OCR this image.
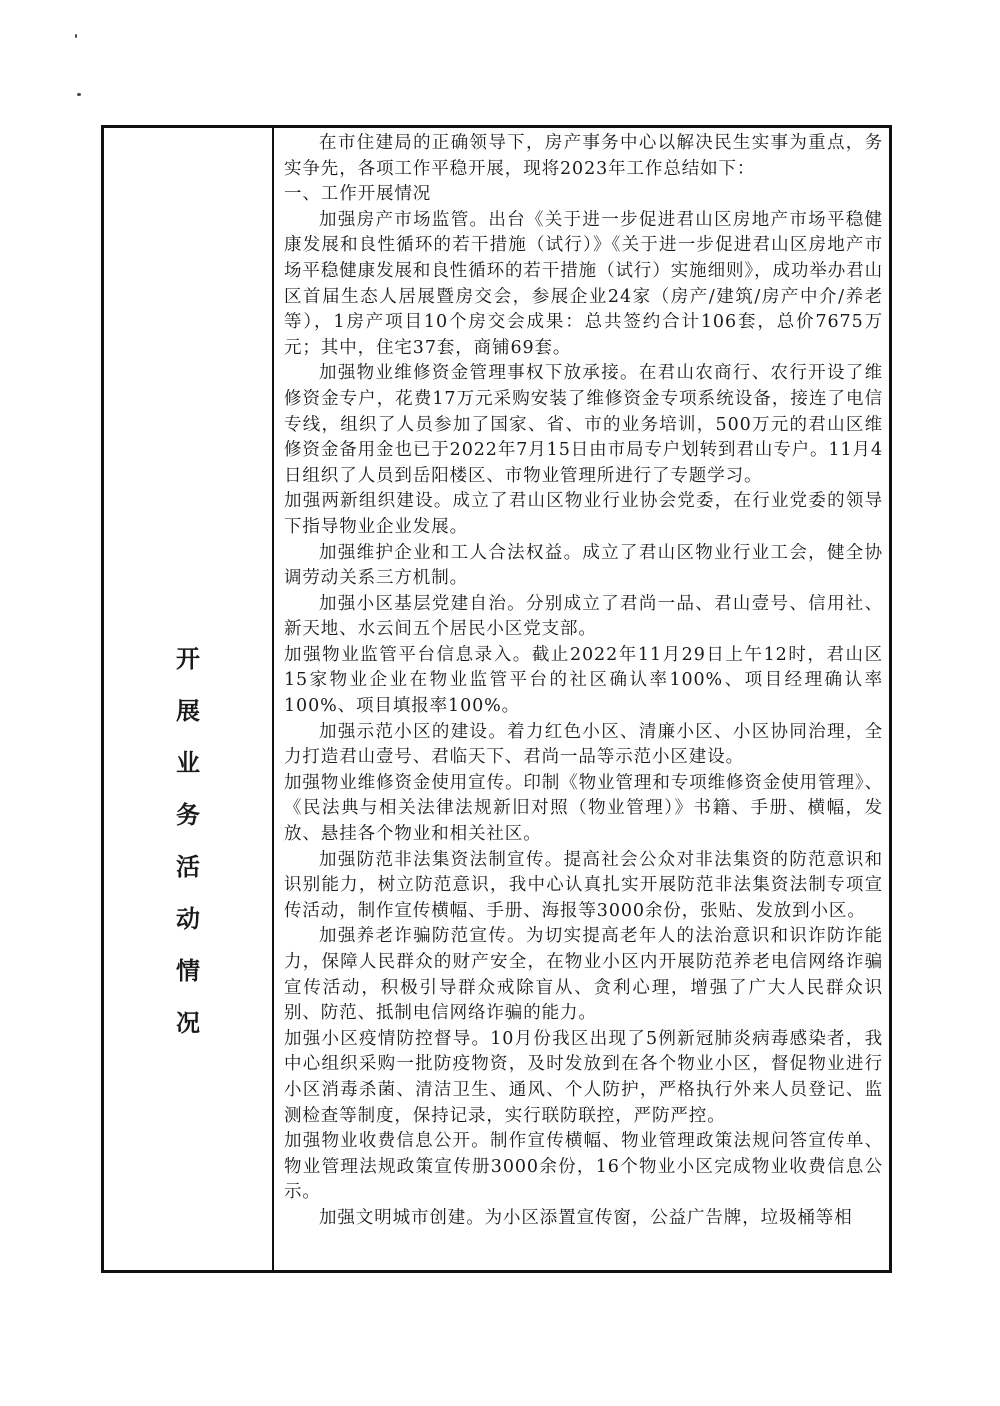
开
展
业
务
活
动
情
况

在市住建局的正确领导下，房产事务中心以解决民生实事为重点，务实争先，各项工作平稳开展，现将2023年工作总结如下：

一、工作开展情况

加强房产市场监管。出台《关于进一步促进君山区房地产市场平稳健康发展和良性循环的若干措施（试行）》《关于进一步促进君山区房地产市场平稳健康发展和良性循环的若干措施（试行）实施细则》，成功举办君山区首届生态人居展暨房交会，参展企业24家（房产/建筑/房产中介/养老等），1房产项目10个房交会成果：总共签约合计106套，总价7675万元；其中，住宅37套，商铺69套。

加强物业维修资金管理事权下放承接。在君山农商行、农行开设了维修资金专户，花费17万元采购安装了维修资金专项系统设备，接连了电信专线，组织了人员参加了国家、省、市的业务培训，500万元的君山区维修资金备用金也已于2022年7月15日由市局专户划转到君山专户。11月4日组织了人员到岳阳楼区、市物业管理所进行了专题学习。

加强两新组织建设。成立了君山区物业行业协会党委，在行业党委的领导下指导物业企业发展。

加强维护企业和工人合法权益。成立了君山区物业行业工会，健全协调劳动关系三方机制。

加强小区基层党建自治。分别成立了君尚一品、君山壹号、信用社、新天地、水云间五个居民小区党支部。

加强物业监管平台信息录入。截止2022年11月29日上午12时，君山区15家物业企业在物业监管平台的社区确认率100%、项目经理确认率100%、项目填报率100%。

加强示范小区的建设。着力红色小区、清廉小区、小区协同治理，全力打造君山壹号、君临天下、君尚一品等示范小区建设。

加强物业维修资金使用宣传。印制《物业管理和专项维修资金使用管理》、《民法典与相关法律法规新旧对照（物业管理）》书籍、手册、横幅，发放、悬挂各个物业和相关社区。

加强防范非法集资法制宣传。提高社会公众对非法集资的防范意识和识别能力，树立防范意识，我中心认真扎实开展防范非法集资法制专项宣传活动，制作宣传横幅、手册、海报等3000余份，张贴、发放到小区。

加强养老诈骗防范宣传。为切实提高老年人的法治意识和识诈防诈能力，保障人民群众的财产安全，在物业小区内开展防范养老电信网络诈骗宣传活动，积极引导群众戒除盲从、贪利心理，增强了广大人民群众识别、防范、抵制电信网络诈骗的能力。

加强小区疫情防控督导。10月份我区出现了5例新冠肺炎病毒感染者，我中心组织采购一批防疫物资，及时发放到在各个物业小区，督促物业进行小区消毒杀菌、清洁卫生、通风、个人防护，严格执行外来人员登记、监测检查等制度，保持记录，实行联防联控，严防严控。

加强物业收费信息公开。制作宣传横幅、物业管理政策法规问答宣传单、物业管理法规政策宣传册3000余份，16个物业小区完成物业收费信息公示。

加强文明城市创建。为小区添置宣传窗，公益广告牌，垃圾桶等相
